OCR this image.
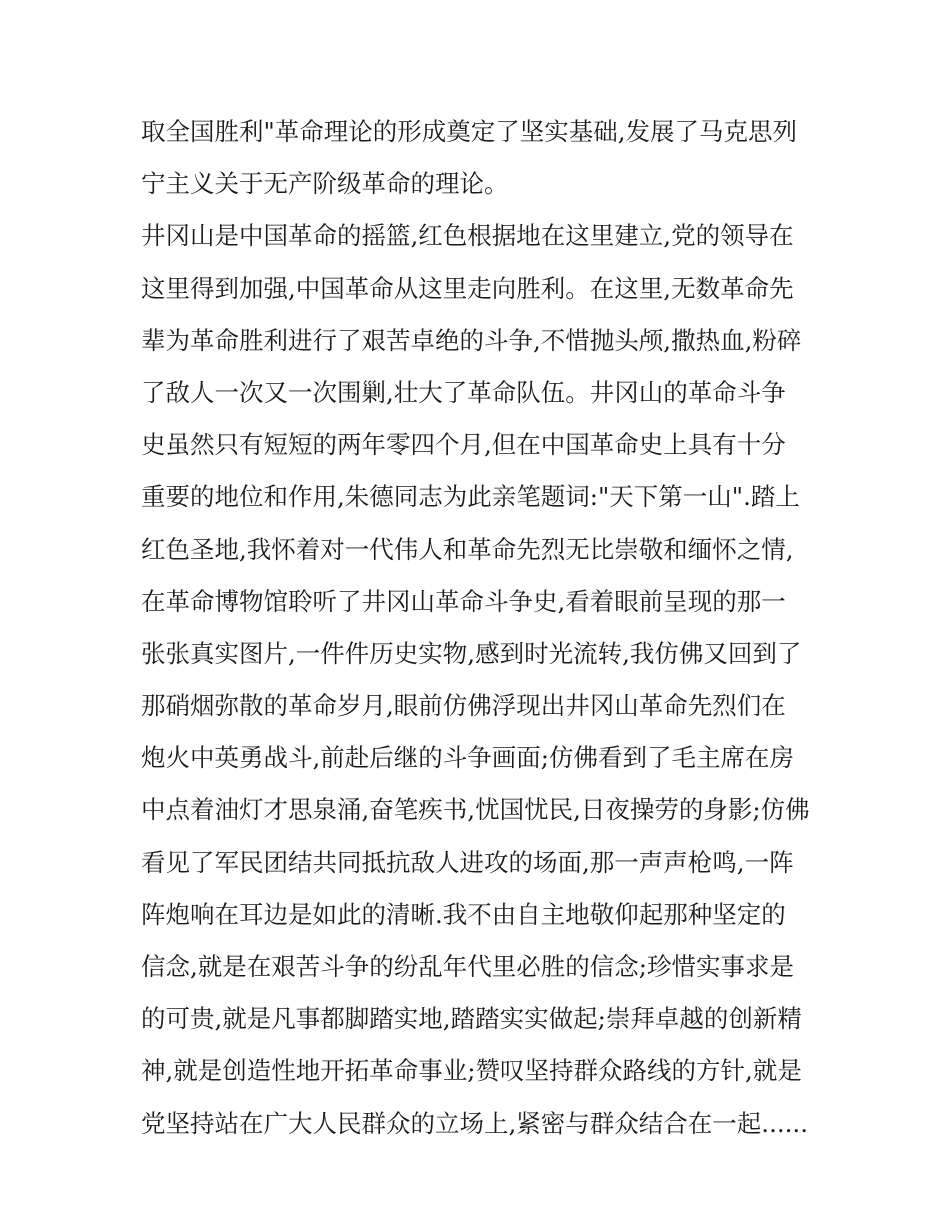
取全国胜利"革命理论的形成奠定了坚实基础,发展了马克思列
宁主义关于无产阶级革命的理论。
井冈山是中国革命的摇篮,红色根据地在这里建立,党的领导在
这里得到加强,中国革命从这里走向胜利。在这里,无数革命先
辈为革命胜利进行了艰苦卓绝的斗争,不惜抛头颅,撒热血,粉碎
了敌人一次又一次围剿,壮大了革命队伍。井冈山的革命斗争
史虽然只有短短的两年零四个月,但在中国革命史上具有十分
重要的地位和作用,朱德同志为此亲笔题词:"天下第一山".踏上
红色圣地,我怀着对一代伟人和革命先烈无比崇敬和缅怀之情,
在革命博物馆聆听了井冈山革命斗争史,看着眼前呈现的那一
张张真实图片,一件件历史实物,感到时光流转,我仿佛又回到了
那硝烟弥散的革命岁月,眼前仿佛浮现出井冈山革命先烈们在
炮火中英勇战斗,前赴后继的斗争画面;仿佛看到了毛主席在房
中点着油灯才思泉涌,奋笔疾书,忧国忧民,日夜操劳的身影;仿佛
看见了军民团结共同抵抗敌人进攻的场面,那一声声枪鸣,一阵
阵炮响在耳边是如此的清晰.我不由自主地敬仰起那种坚定的
信念,就是在艰苦斗争的纷乱年代里必胜的信念;珍惜实事求是
的可贵,就是凡事都脚踏实地,踏踏实实做起;崇拜卓越的创新精
神,就是创造性地开拓革命事业;赞叹坚持群众路线的方针,就是
党坚持站在广大人民群众的立场上,紧密与群众结合在一起......
